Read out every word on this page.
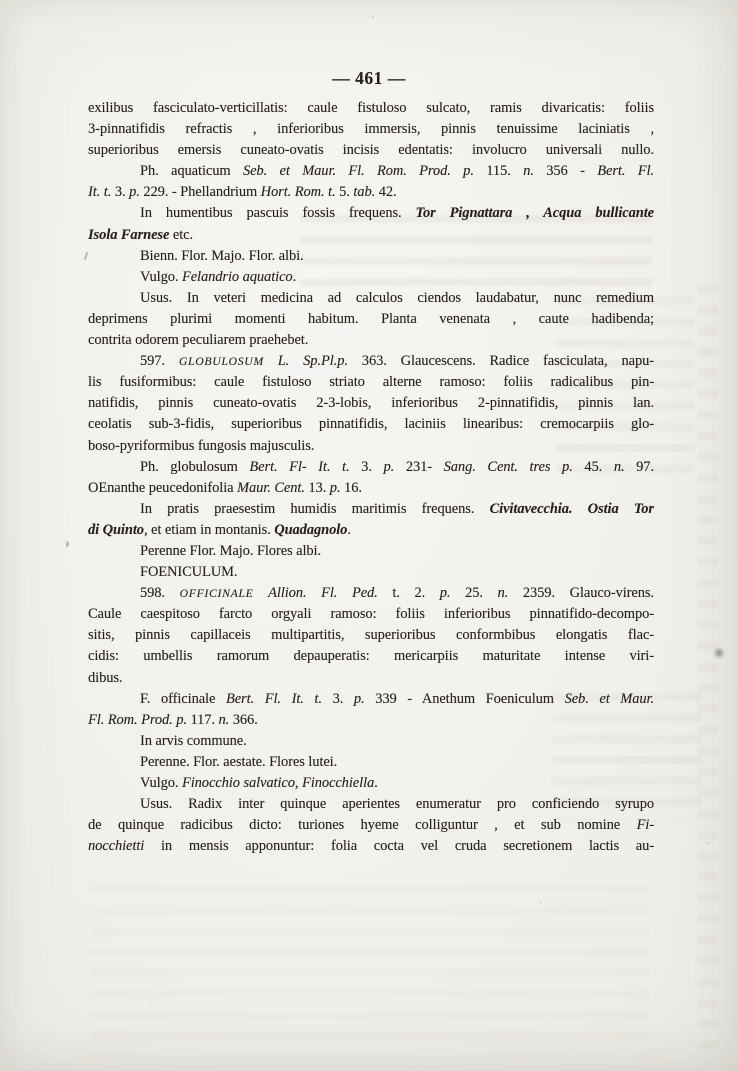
— 461 —
exilibus fasciculato-verticillatis: caule fistuloso sulcato, ramis divaricatis: foliis
3-pinnatifidis refractis , inferioribus immersis, pinnis tenuissime laciniatis ,
superioribus emersis cuneato-ovatis incisis edentatis: involucro universali nullo.
Ph. aquaticum Seb. et Maur. Fl. Rom. Prod. p. 115. n. 356 - Bert. Fl.
It. t. 3. p. 229. - Phellandrium Hort. Rom. t. 5. tab. 42.
In humentibus pascuis fossis frequens. Tor Pignattara , Acqua bullicante
Isola Farnese etc.
Bienn. Flor. Majo. Flor. albi.
Vulgo. Felandrio aquatico.
Usus. In veteri medicina ad calculos ciendos laudabatur, nunc remedium
deprimens plurimi momenti habitum. Planta venenata , caute hadibenda;
contrita odorem peculiarem praehebet.
597. GLOBULOSUM L. Sp.Pl.p. 363. Glaucescens. Radice fasciculata, napu-
lis fusiformibus: caule fistuloso striato alterne ramoso: foliis radicalibus pin-
natifidis, pinnis cuneato-ovatis 2-3-lobis, inferioribus 2-pinnatifidis, pinnis lan.
ceolatis sub-3-fidis, superioribus pinnatifidis, laciniis linearibus: cremocarpiis glo-
boso-pyriformibus fungosis majusculis.
Ph. globulosum Bert. Fl- It. t. 3. p. 231- Sang. Cent. tres p. 45. n. 97.
OEnanthe peucedonifolia Maur. Cent. 13. p. 16.
In pratis praesestim humidis maritimis frequens. Civitavecchia. Ostia Tor
di Quinto, et etiam in montanis. Quadagnolo.
Perenne Flor. Majo. Flores albi.
FOENICULUM.
598. OFFICINALE Allion. Fl. Ped. t. 2. p. 25. n. 2359. Glauco-virens.
Caule caespitoso farcto orgyali ramoso: foliis inferioribus pinnatifido-decompo-
sitis, pinnis capillaceis multipartitis, superioribus conformbibus elongatis flac-
cidis: umbellis ramorum depauperatis: mericarpiis maturitate intense viri-
dibus.
F. officinale Bert. Fl. It. t. 3. p. 339 - Anethum Foeniculum Seb. et Maur.
Fl. Rom. Prod. p. 117. n. 366.
In arvis commune.
Perenne. Flor. aestate. Flores lutei.
Vulgo. Finocchio salvatico, Finocchiella.
Usus. Radix inter quinque aperientes enumeratur pro conficiendo syrupo
de quinque radicibus dicto: turiones hyeme colliguntur , et sub nomine Fi-
nocchietti in mensis apponuntur: folia cocta vel cruda secretionem lactis au-
